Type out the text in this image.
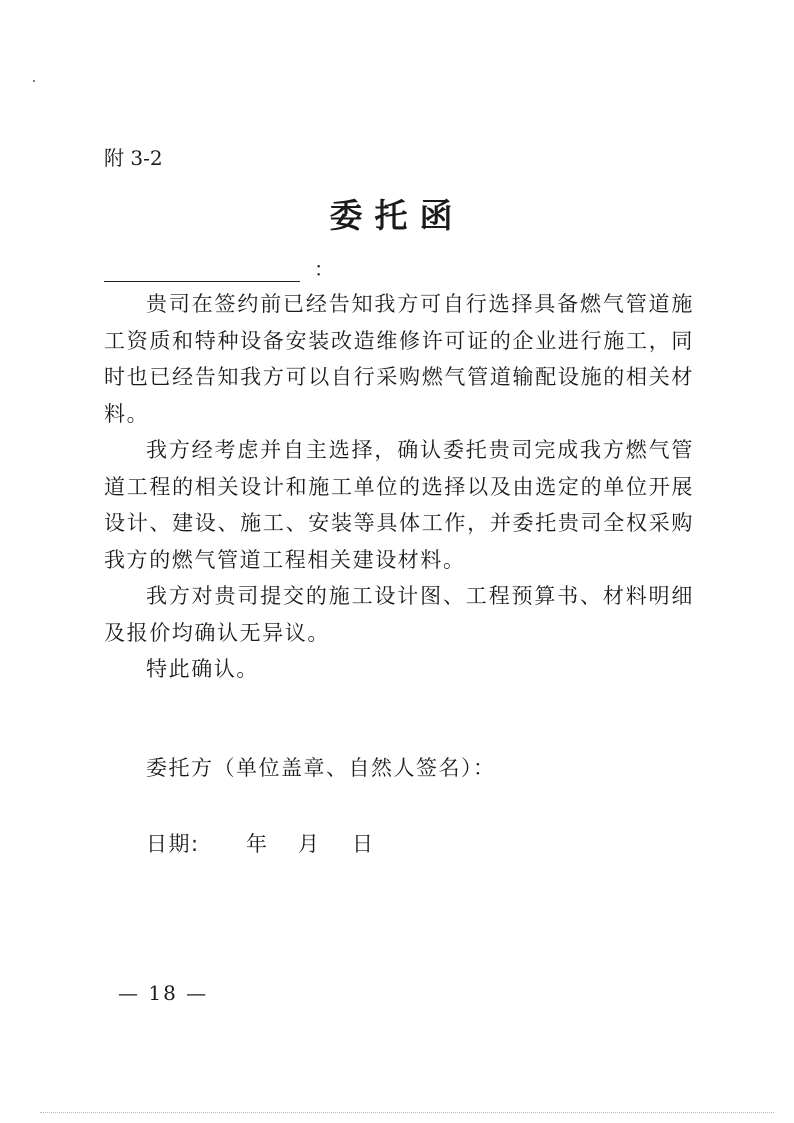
附 3-2
委托函
：

贵司在签约前已经告知我方可自行选择具备燃气管道施工资质和特种设备安装改造维修许可证的企业进行施工，同时也已经告知我方可以自行采购燃气管道输配设施的相关材料。

我方经考虑并自主选择，确认委托贵司完成我方燃气管道工程的相关设计和施工单位的选择以及由选定的单位开展设计、建设、施工、安装等具体工作，并委托贵司全权采购我方的燃气管道工程相关建设材料。

我方对贵司提交的施工设计图、工程预算书、材料明细及报价均确认无异议。

特此确认。

委托方（单位盖章、自然人签名）：
日期: 年 月 日
— 18 —
